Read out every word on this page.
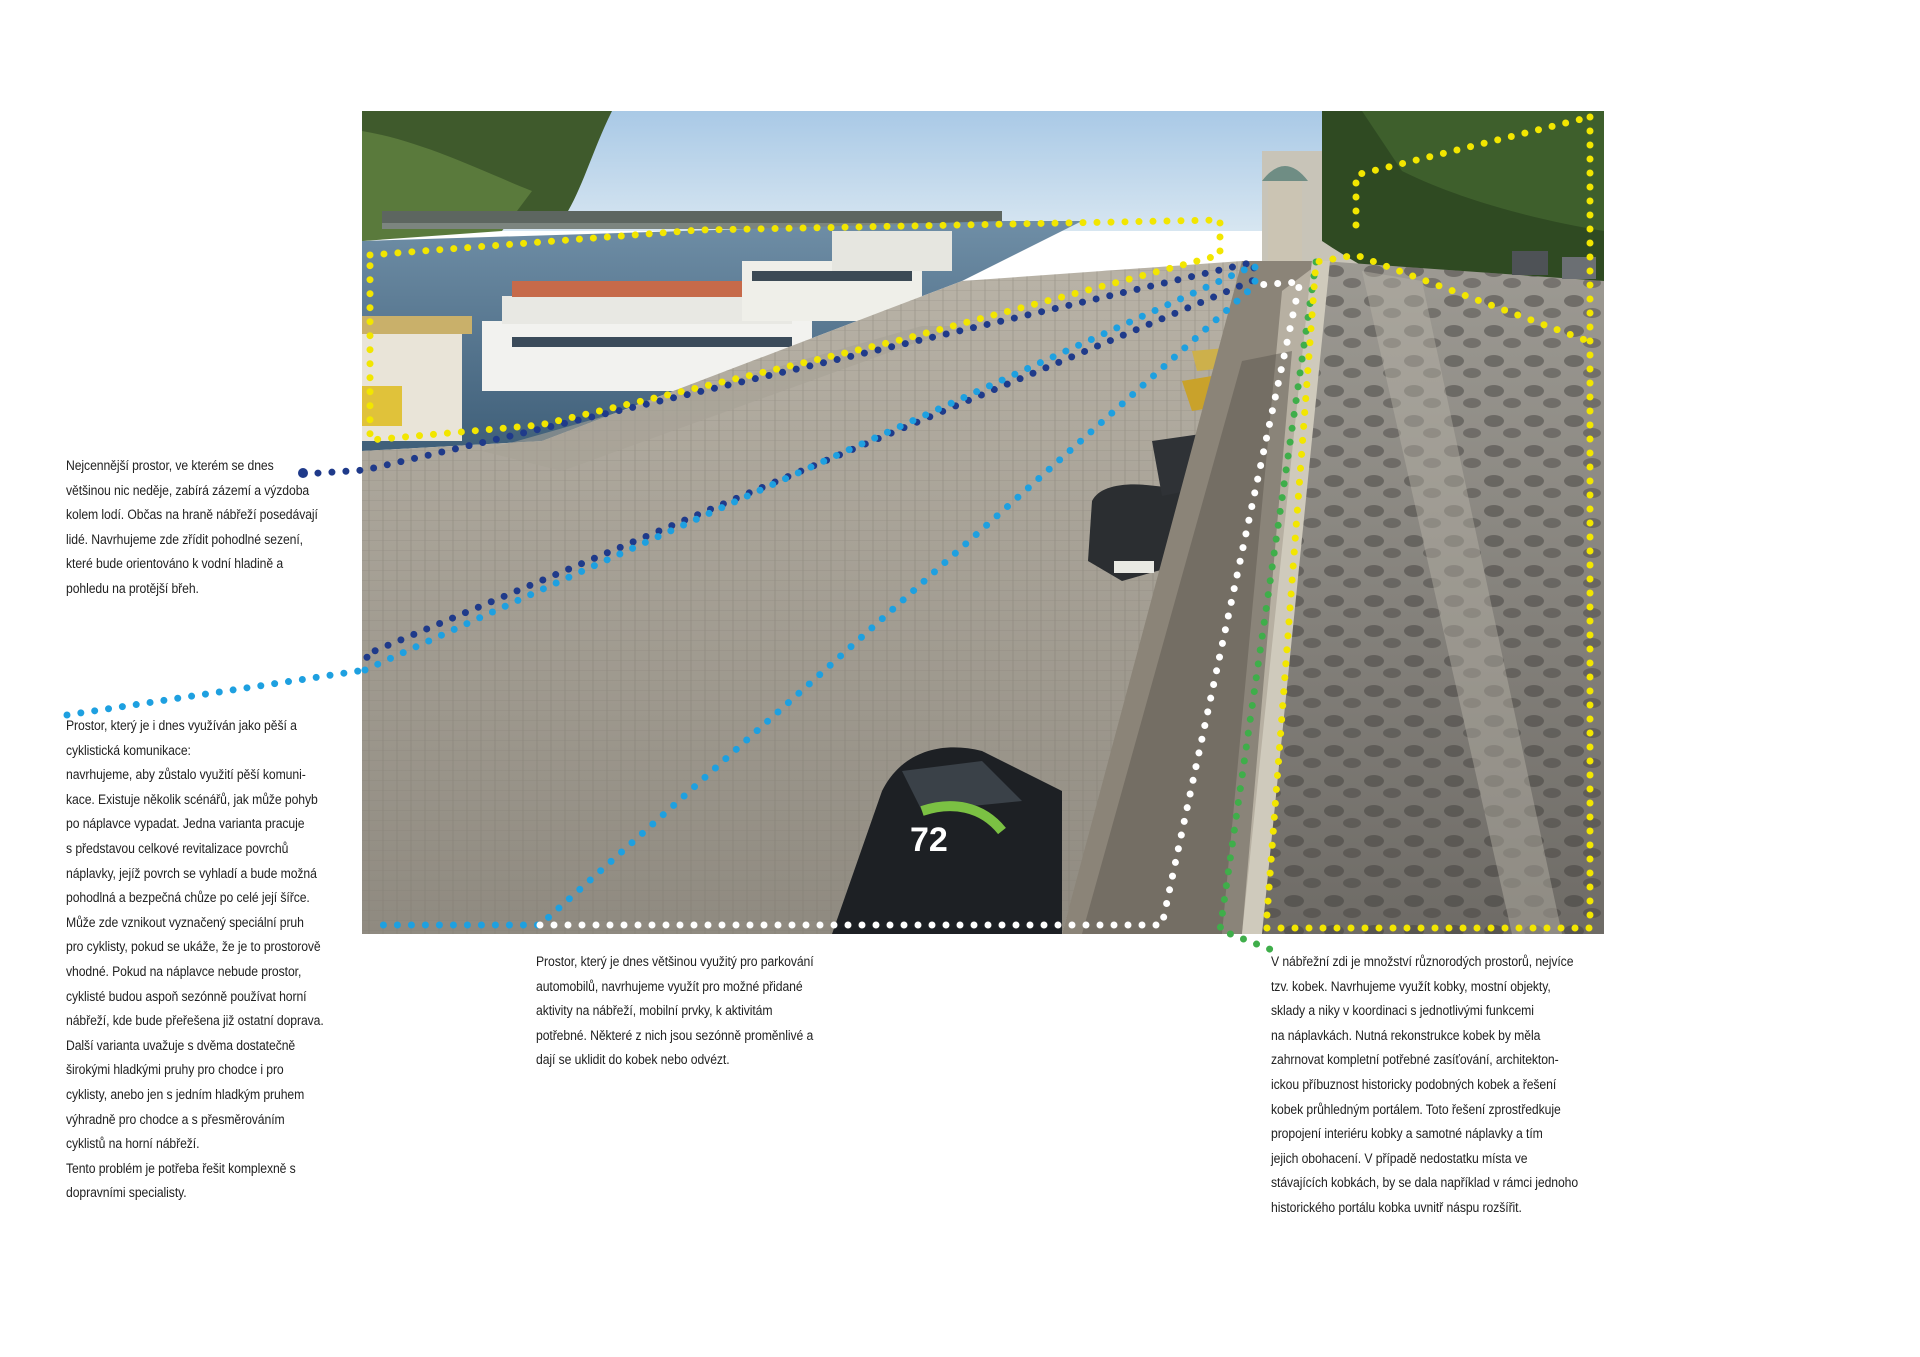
72
Nejcennější prostor, ve kterém se dnes
většinou nic neděje, zabírá zázemí a výzdoba
kolem lodí. Občas na hraně nábřeží posedávají
lidé. Navrhujeme zde zřídit pohodlné sezení,
které bude orientováno k vodní hladině a
pohledu na protější břeh.
Prostor, který je i dnes využíván jako pěší a
cyklistická komunikace:
navrhujeme, aby zůstalo využití pěší komuni-
kace. Existuje několik scénářů, jak může pohyb
po náplavce vypadat. Jedna varianta pracuje
s představou celkové revitalizace povrchů
náplavky, jejíž povrch se vyhladí a bude možná
pohodlná a bezpečná chůze po celé její šířce.
Může zde vznikout vyznačený speciální pruh
pro cyklisty, pokud se ukáže, že je to prostorově
vhodné. Pokud na náplavce nebude prostor,
cyklisté budou aspoň sezónně používat horní
nábřeží, kde bude přeřešena již ostatní doprava.
Další varianta uvažuje s dvěma dostatečně
širokými hladkými pruhy pro chodce i pro
cyklisty, anebo jen s jedním hladkým pruhem
výhradně pro chodce a s přesměrováním
cyklistů na horní nábřeží.
Tento problém je potřeba řešit komplexně s
dopravními specialisty.
Prostor, který je dnes většinou využitý pro parkování
automobilů, navrhujeme využít pro možné přidané
aktivity na nábřeží, mobilní prvky, k aktivitám
potřebné. Některé z nich jsou sezónně proměnlivé a
dají se uklidit do kobek nebo odvézt.
V nábřežní zdi je množství různorodých prostorů, nejvíce
tzv. kobek. Navrhujeme využít kobky, mostní objekty,
sklady a niky v koordinaci s jednotlivými funkcemi
na náplavkách. Nutná rekonstrukce kobek by měla
zahrnovat kompletní potřebné zasíťování, architekton-
ickou příbuznost historicky podobných kobek a řešení
kobek průhledným portálem. Toto řešení zprostředkuje
propojení interiéru kobky a samotné náplavky a tím
jejich obohacení. V případě nedostatku místa ve
stávajících kobkách, by se dala například v rámci jednoho
historického portálu kobka uvnitř náspu rozšířit.
